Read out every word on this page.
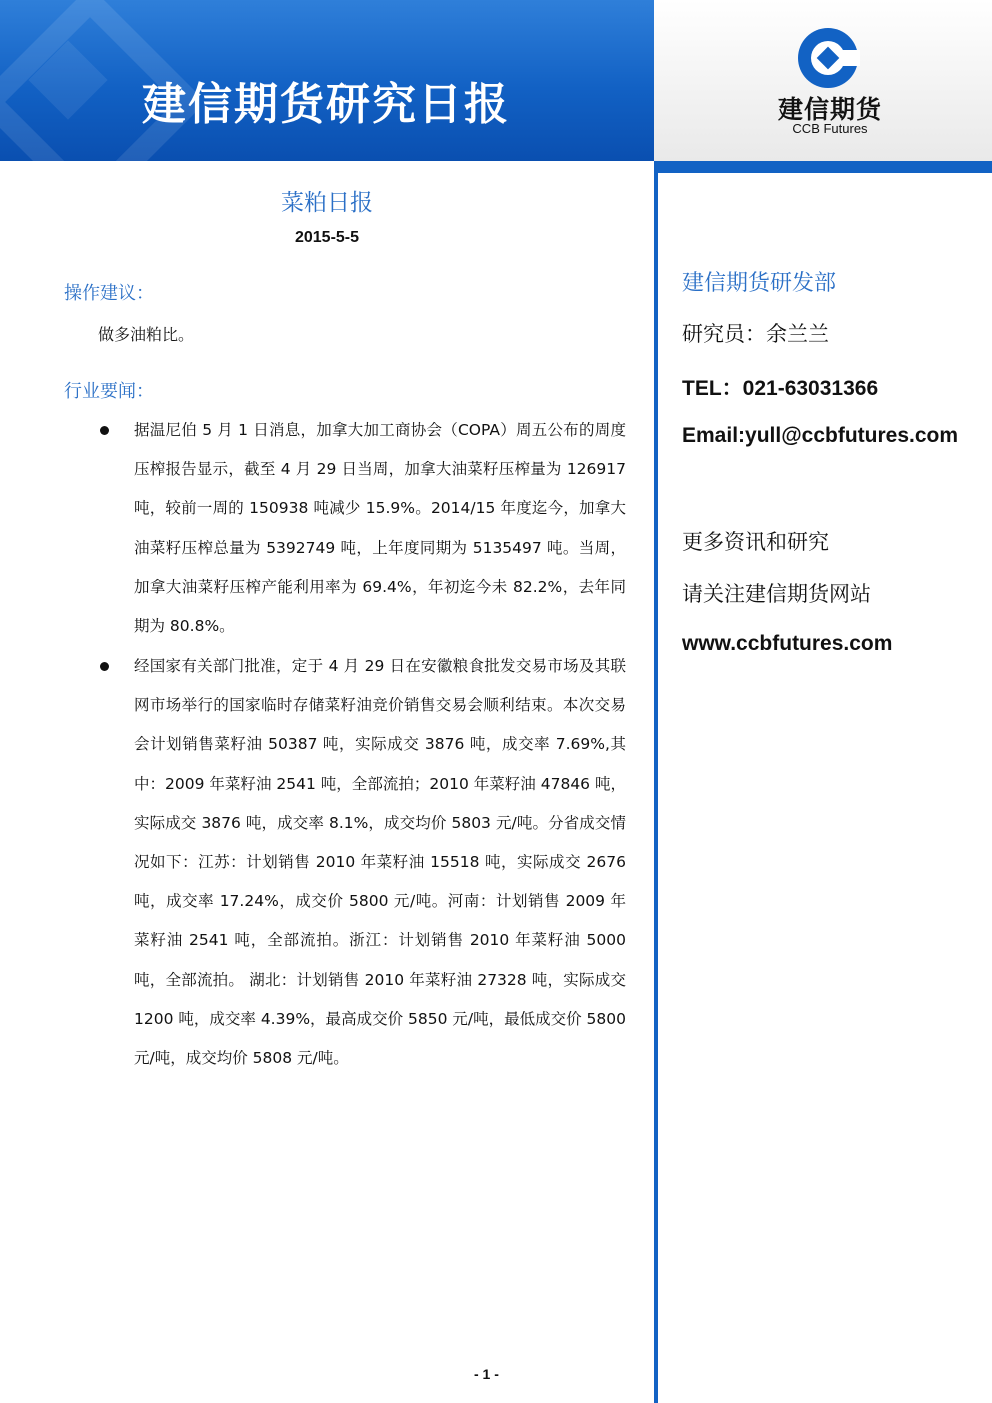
建信期货研究日报	建信期货
CCB Futures
建信期货研发部
研究员：余兰兰
TEL：021-63031366
Email:yull@ccbfutures.com
更多资讯和研究
请关注建信期货网站
www.ccbfutures.com
菜粕日报
2015-5-5
操作建议：
做多油粕比。
行业要闻：
据温尼伯 5 月 1 日消息，加拿大加工商协会（COPA）周五公布的周度压榨报告显示，截至 4 月 29 日当周，加拿大油菜籽压榨量为 126917 吨，较前一周的 150938 吨减少 15.9%。2014/15 年度迄今，加拿大油菜籽压榨总量为 5392749 吨，上年度同期为 5135497 吨。当周，加拿大油菜籽压榨产能利用率为 69.4%，年初迄今未 82.2%，去年同期为 80.8%。
经国家有关部门批准，定于 4 月 29 日在安徽粮食批发交易市场及其联网市场举行的国家临时存储菜籽油竞价销售交易会顺利结束。本次交易会计划销售菜籽油 50387 吨，实际成交 3876 吨，成交率 7.69%,其中：2009 年菜籽油 2541 吨，全部流拍；2010 年菜籽油 47846 吨，实际成交 3876 吨，成交率 8.1%，成交均价 5803 元/吨。分省成交情况如下：江苏：计划销售 2010 年菜籽油 15518 吨，实际成交 2676 吨，成交率 17.24%，成交价 5800 元/吨。河南：计划销售 2009 年菜籽油 2541 吨，全部流拍。浙江：计划销售 2010 年菜籽油 5000 吨，全部流拍。 湖北：计划销售 2010 年菜籽油 27328 吨，实际成交 1200 吨，成交率 4.39%，最高成交价 5850 元/吨，最低成交价 5800 元/吨，成交均价 5808 元/吨。
- 1 -
